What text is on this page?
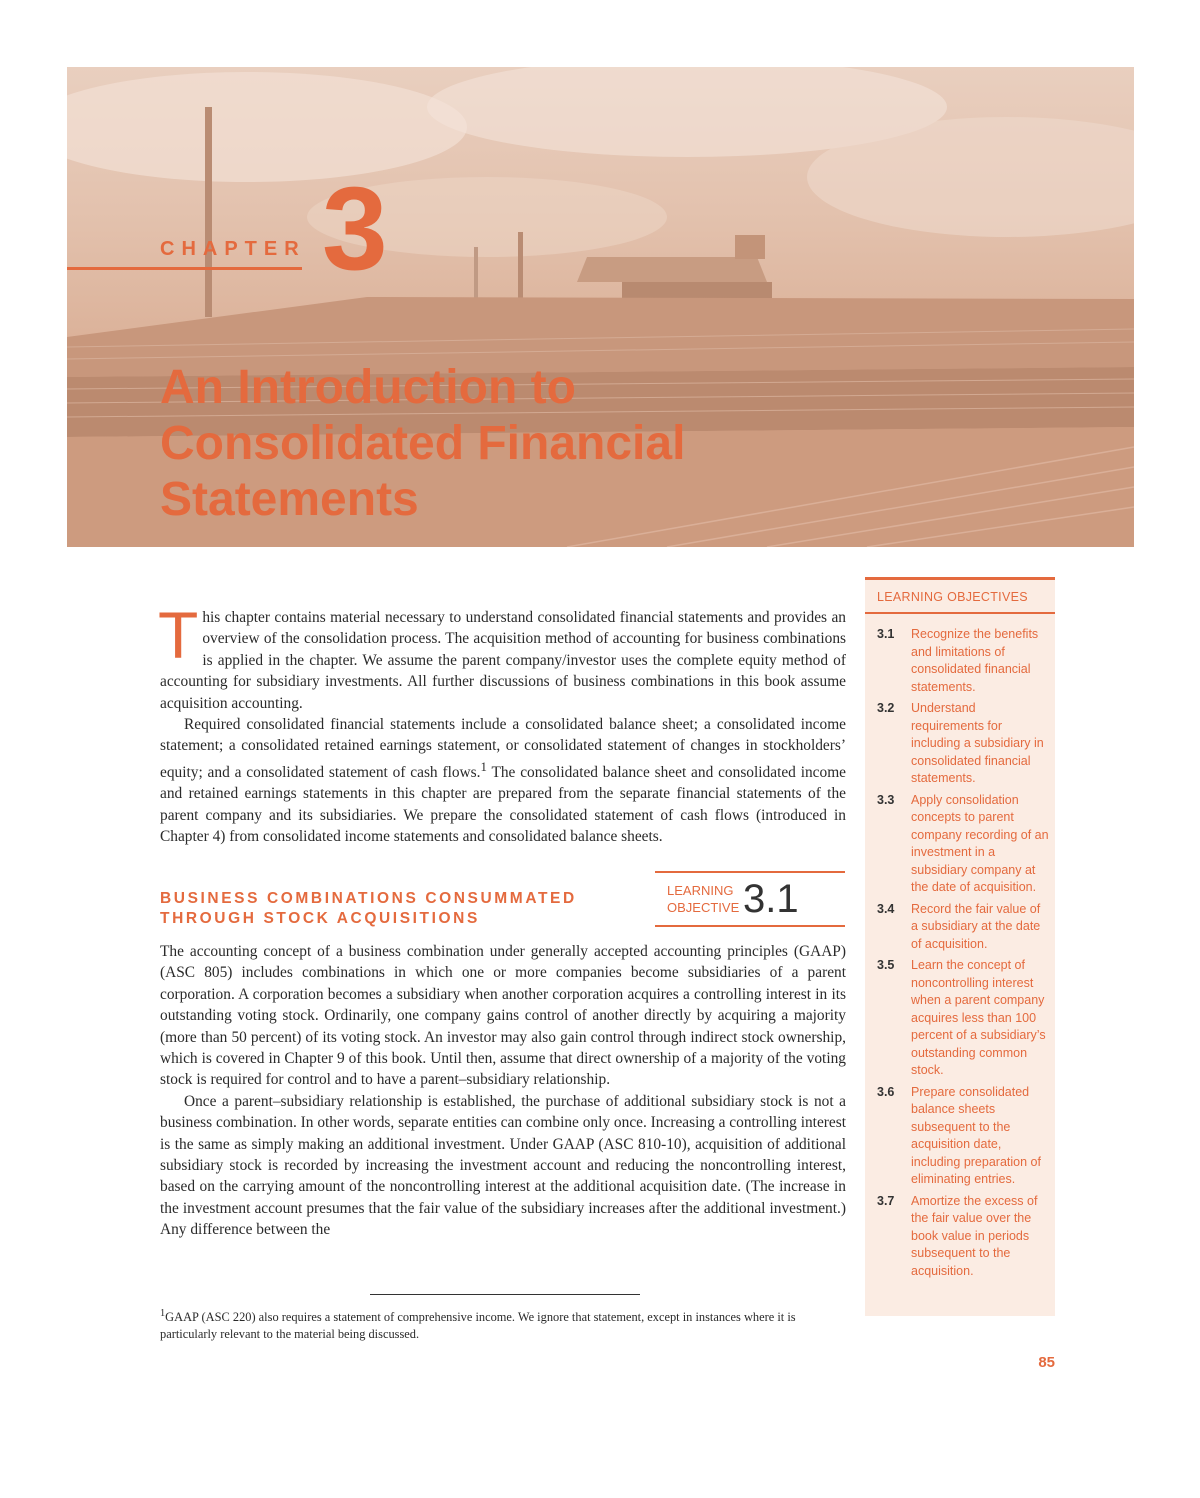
CHAPTER 3
An Introduction to
Consolidated Financial
Statements

This chapter contains material necessary to understand consolidated financial statements and provides an overview of the consolidation process. The acquisition method of accounting for business combinations is applied in the chapter. We assume the parent company/investor uses the complete equity method of accounting for subsidiary investments. All further discussions of business combinations in this book assume acquisition accounting.

Required consolidated financial statements include a consolidated balance sheet; a consolidated income statement; a consolidated retained earnings statement, or consolidated statement of changes in stockholders’ equity; and a consolidated statement of cash flows.$^1$ The consolidated balance sheet and consolidated income and retained earnings statements in this chapter are prepared from the separate financial statements of the parent company and its subsidiaries. We prepare the consolidated statement of cash flows (introduced in Chapter 4) from consolidated income statements and consolidated balance sheets.

BUSINESS COMBINATIONS CONSUMMATED
THROUGH STOCK ACQUISITIONS
LEARNING
OBJECTIVE 3.1

The accounting concept of a business combination under generally accepted accounting principles (GAAP) (ASC 805) includes combinations in which one or more companies become subsidiaries of a parent corporation. A corporation becomes a subsidiary when another corporation acquires a controlling interest in its outstanding voting stock. Ordinarily, one company gains control of another directly by acquiring a majority (more than 50 percent) of its voting stock. An investor may also gain control through indirect stock ownership, which is covered in Chapter 9 of this book. Until then, assume that direct ownership of a majority of the voting stock is required for control and to have a parent–subsidiary relationship.

Once a parent–subsidiary relationship is established, the purchase of additional subsidiary stock is not a business combination. In other words, separate entities can combine only once. Increasing a controlling interest is the same as simply making an additional investment. Under GAAP (ASC 810-10), acquisition of additional subsidiary stock is recorded by increasing the investment account and reducing the noncontrolling interest, based on the carrying amount of the noncontrolling interest at the additional acquisition date. (The increase in the investment account presumes that the fair value of the subsidiary increases after the additional investment.) Any difference between the

LEARNING OBJECTIVES
3.1	Recognize the benefits and limitations of consolidated financial statements.
3.2	Understand requirements for including a subsidiary in consolidated financial statements.
3.3	Apply consolidation concepts to parent company recording of an investment in a subsidiary company at the date of acquisition.
3.4	Record the fair value of a subsidiary at the date of acquisition.
3.5	Learn the concept of noncontrolling interest when a parent company acquires less than 100 percent of a subsidiary’s outstanding common stock.
3.6	Prepare consolidated balance sheets subsequent to the acquisition date, including preparation of eliminating entries.
3.7	Amortize the excess of the fair value over the book value in periods subsequent to the acquisition.
$^1$GAAP (ASC 220) also requires a statement of comprehensive income. We ignore that statement, except in instances where it is particularly relevant to the material being discussed.
85
